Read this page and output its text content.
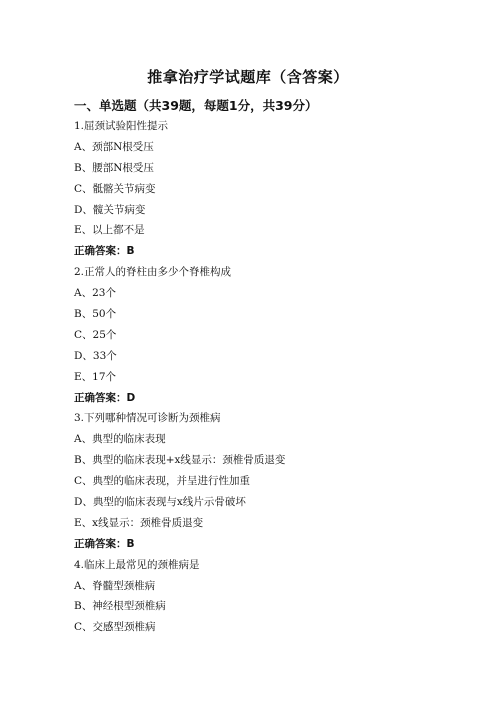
推拿治疗学试题库（含答案）
一、单选题（共39题，每题1分，共39分）
1.屈颈试验阳性提示
A、颈部N根受压
B、腰部N根受压
C、骶髂关节病变
D、髋关节病变
E、以上都不是
正确答案：B
2.正常人的脊柱由多少个脊椎构成
A、23个
B、50个
C、25个
D、33个
E、17个
正确答案：D
3.下列哪种情况可诊断为颈椎病
A、典型的临床表现
B、典型的临床表现+x线显示：颈椎骨质退变
C、典型的临床表现，并呈进行性加重
D、典型的临床表现与x线片示骨破坏
E、x线显示：颈椎骨质退变
正确答案：B
4.临床上最常见的颈椎病是
A、脊髓型颈椎病
B、神经根型颈椎病
C、交感型颈椎病
